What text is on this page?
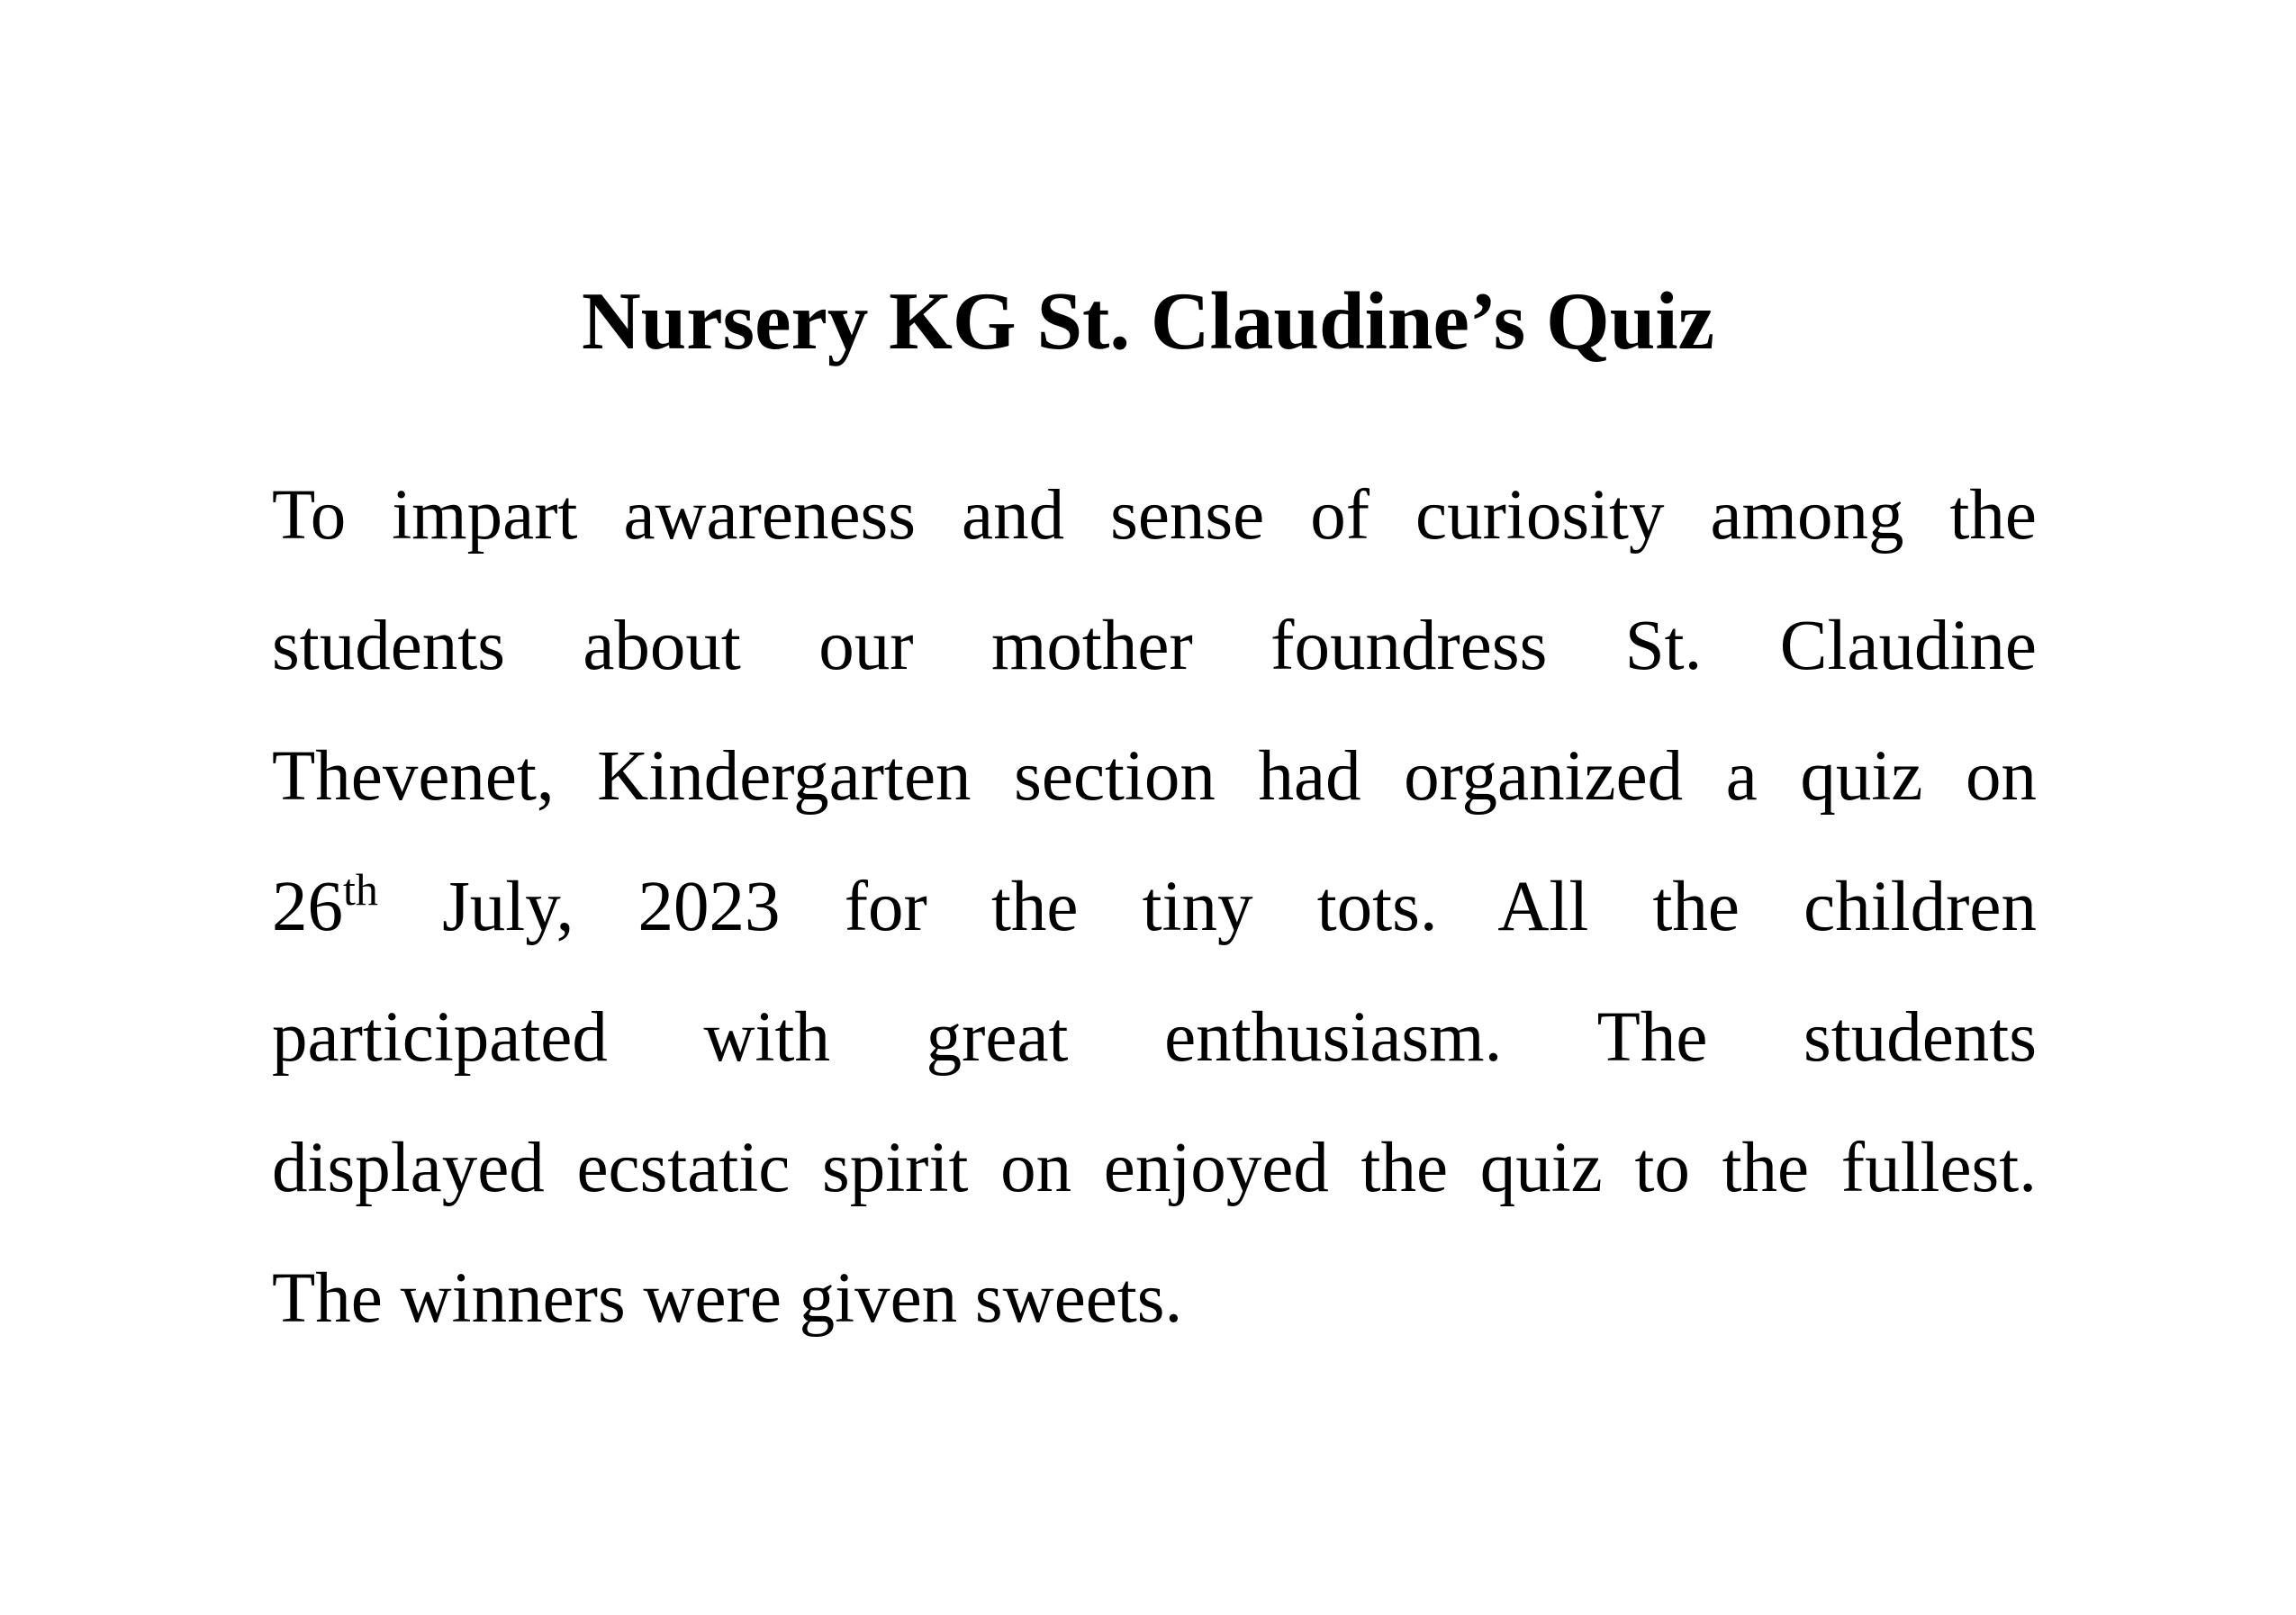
Nursery KG St. Claudine’s Quiz
To impart awareness and sense of curiosity among the
students about our mother foundress St. Claudine
Thevenet, Kindergarten section had organized a quiz on
26th July, 2023 for the tiny tots. All the children
participated with great enthusiasm. The students
displayed ecstatic spirit on enjoyed the quiz to the fullest.
The winners were given sweets.
